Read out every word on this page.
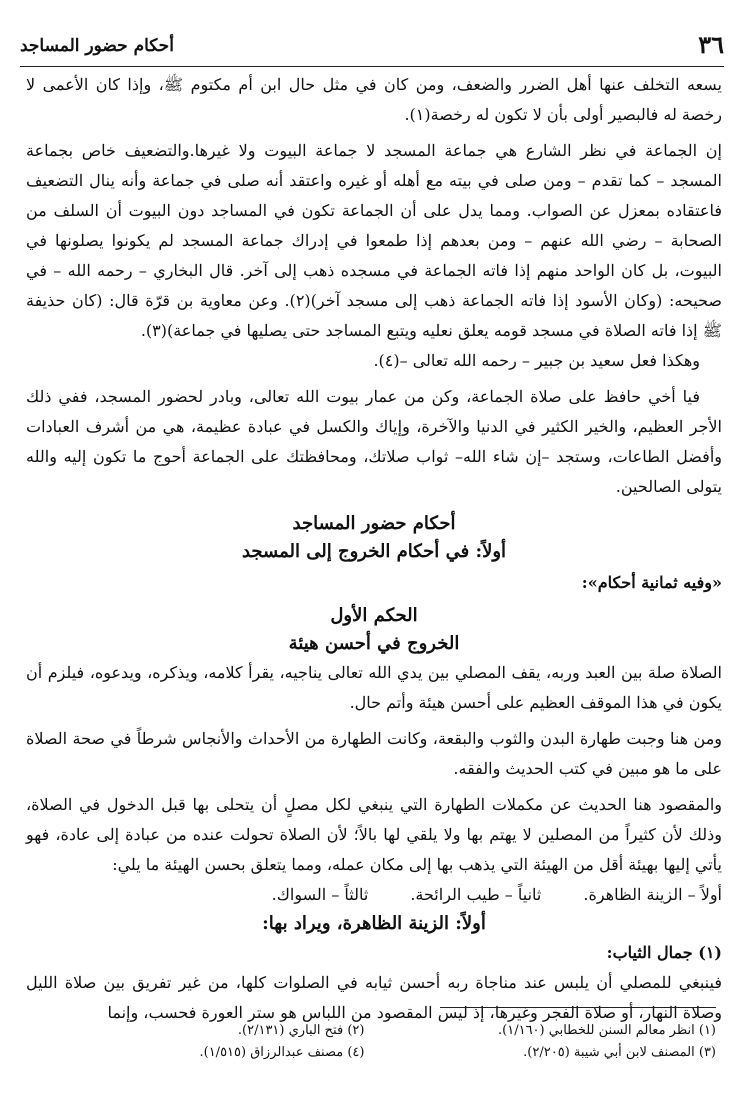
٣٦
أحكام حضور المساجد

يسعه التخلف عنها أهل الضرر والضعف، ومن كان في مثل حال ابن أم مكتوم ﷺ، وإذا كان الأعمى لا رخصة له فالبصير أولى بأن لا تكون له رخصة(١).

إن الجماعة في نظر الشارع هي جماعة المسجد لا جماعة البيوت ولا غيرها.والتضعيف خاص بجماعة المسجد – كما تقدم – ومن صلى في بيته مع أهله أو غيره واعتقد أنه صلى في جماعة وأنه ينال التضعيف فاعتقاده بمعزل عن الصواب. ومما يدل على أن الجماعة تكون في المساجد دون البيوت أن السلف من الصحابة – رضي الله عنهم – ومن بعدهم إذا طمعوا في إدراك جماعة المسجد لم يكونوا يصلونها في البيوت، بل كان الواحد منهم إذا فاته الجماعة في مسجده ذهب إلى آخر. قال البخاري – رحمه الله – في صحيحه: (وكان الأسود إذا فاته الجماعة ذهب إلى مسجد آخر)(٢). وعن معاوية بن قرّة قال: (كان حذيفة ﷺ إذا فاته الصلاة في مسجد قومه يعلق نعليه ويتبع المساجد حتى يصليها في جماعة)(٣).

وهكذا فعل سعيد بن جبير – رحمه الله تعالى –(٤).

فيا أخي حافظ على صلاة الجماعة، وكن من عمار بيوت الله تعالى، وبادر لحضور المسجد، ففي ذلك الأجر العظيم، والخير الكثير في الدنيا والآخرة، وإياك والكسل في عبادة عظيمة، هي من أشرف العبادات وأفضل الطاعات، وستجد –إن شاء الله– ثواب صلاتك، ومحافظتك على الجماعة أحوج ما تكون إليه والله يتولى الصالحين.

أحكام حضور المساجد
أولاً: في أحكام الخروج إلى المسجد

«وفيه ثمانية أحكام»:

الحكم الأول
الخروج في أحسن هيئة

الصلاة صلة بين العبد وربه، يقف المصلي بين يدي الله تعالى يناجيه، يقرأ كلامه، ويذكره، ويدعوه، فيلزم أن يكون في هذا الموقف العظيم على أحسن هيئة وأتم حال.

ومن هنا وجبت طهارة البدن والثوب والبقعة، وكانت الطهارة من الأحداث والأنجاس شرطاً في صحة الصلاة على ما هو مبين في كتب الحديث والفقه.

والمقصود هنا الحديث عن مكملات الطهارة التي ينبغي لكل مصلٍ أن يتحلى بها قبل الدخول في الصلاة، وذلك لأن كثيراً من المصلين لا يهتم بها ولا يلقي لها بالاً؛ لأن الصلاة تحولت عنده من عبادة إلى عادة، فهو يأتي إليها بهيئة أقل من الهيئة التي يذهب بها إلى مكان عمله، ومما يتعلق بحسن الهيئة ما يلي:

أولاً – الزينة الظاهرة.
ثانياً – طيب الرائحة.
ثالثاً – السواك.
أولاً: الزينة الظاهرة، ويراد بها:

(١) جمال الثياب:

فينبغي للمصلي أن يلبس عند مناجاة ربه أحسن ثيابه في الصلوات كلها، من غير تفريق بين صلاة الليل وصلاة النهار، أو صلاة الفجر وغيرها، إذ ليس المقصود من اللباس هو ستر العورة فحسب، وإنما

(١) انظر معالم السنن للخطابي (١/١٦٠).
(٢) فتح الباري (٢/١٣١).
(٣) المصنف لابن أبي شيبة (٢/٢٠٥).
(٤) مصنف عبدالرزاق (١/٥١٥).
